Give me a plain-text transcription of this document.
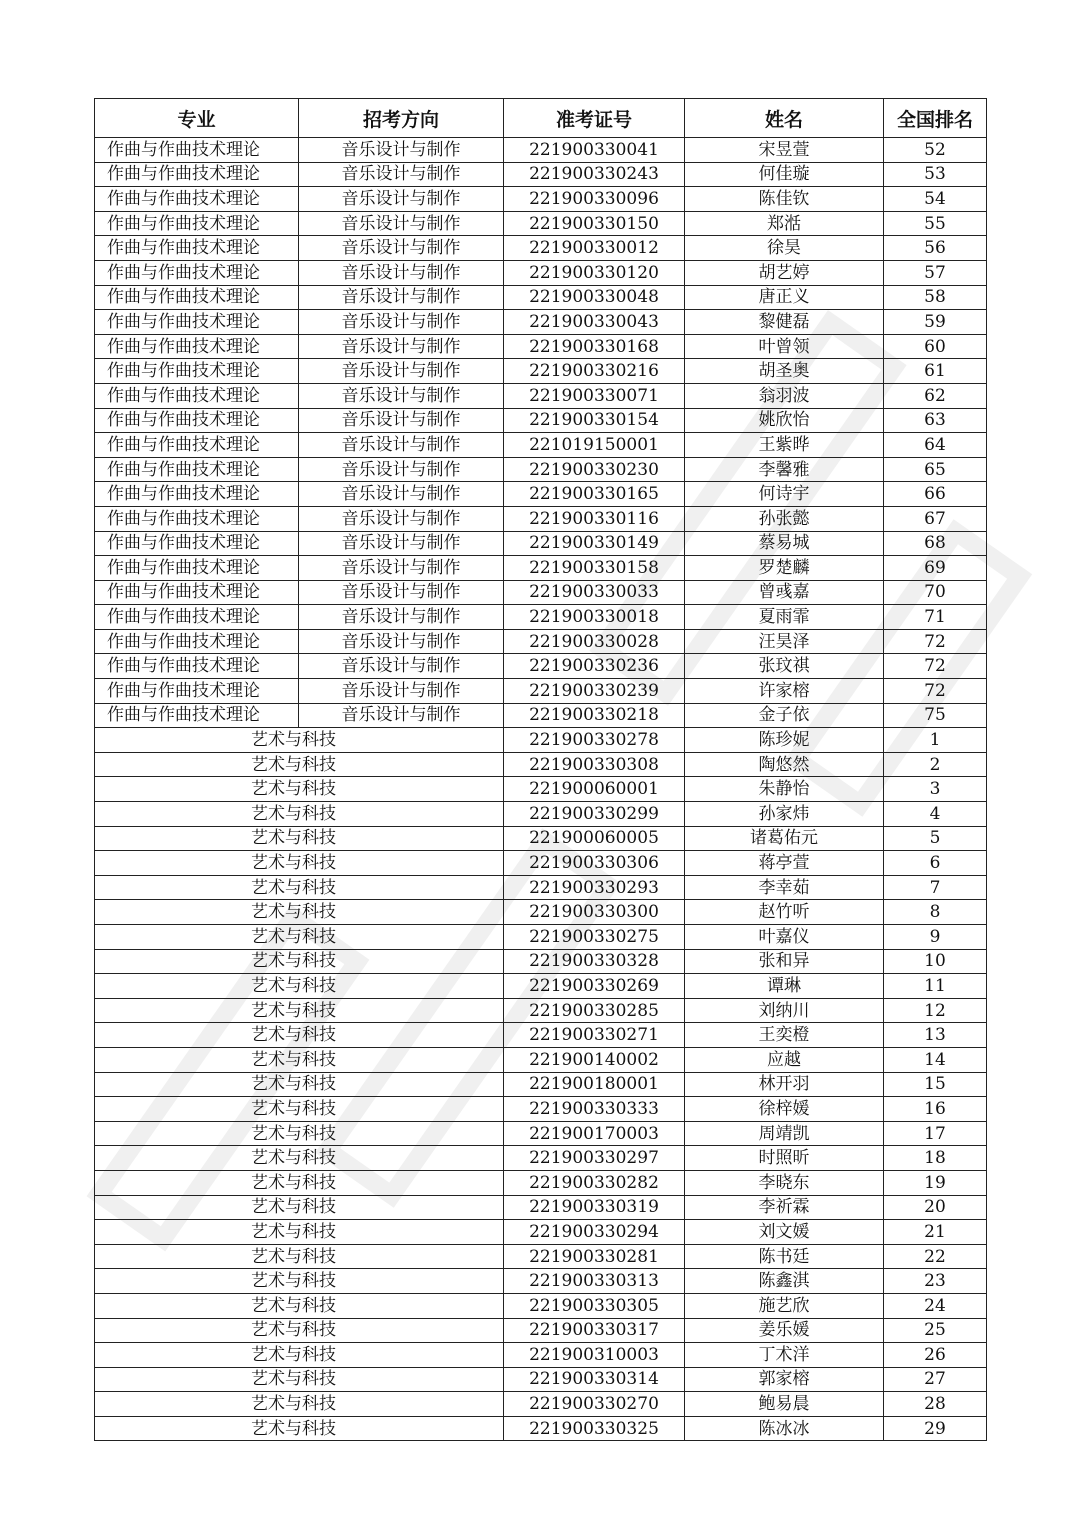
专业	招考方向	准考证号	姓名	全国排名
作曲与作曲技术理论	音乐设计与制作	221900330041	宋昱萱	52
作曲与作曲技术理论	音乐设计与制作	221900330243	何佳璇	53
作曲与作曲技术理论	音乐设计与制作	221900330096	陈佳钦	54
作曲与作曲技术理论	音乐设计与制作	221900330150	郑湉	55
作曲与作曲技术理论	音乐设计与制作	221900330012	徐昊	56
作曲与作曲技术理论	音乐设计与制作	221900330120	胡艺婷	57
作曲与作曲技术理论	音乐设计与制作	221900330048	唐正义	58
作曲与作曲技术理论	音乐设计与制作	221900330043	黎健磊	59
作曲与作曲技术理论	音乐设计与制作	221900330168	叶曾领	60
作曲与作曲技术理论	音乐设计与制作	221900330216	胡圣奥	61
作曲与作曲技术理论	音乐设计与制作	221900330071	翁羽波	62
作曲与作曲技术理论	音乐设计与制作	221900330154	姚欣怡	63
作曲与作曲技术理论	音乐设计与制作	221019150001	王紫晔	64
作曲与作曲技术理论	音乐设计与制作	221900330230	李馨雅	65
作曲与作曲技术理论	音乐设计与制作	221900330165	何诗宇	66
作曲与作曲技术理论	音乐设计与制作	221900330116	孙张懿	67
作曲与作曲技术理论	音乐设计与制作	221900330149	蔡易城	68
作曲与作曲技术理论	音乐设计与制作	221900330158	罗楚麟	69
作曲与作曲技术理论	音乐设计与制作	221900330033	曾彧嘉	70
作曲与作曲技术理论	音乐设计与制作	221900330018	夏雨霏	71
作曲与作曲技术理论	音乐设计与制作	221900330028	汪昊泽	72
作曲与作曲技术理论	音乐设计与制作	221900330236	张玟祺	72
作曲与作曲技术理论	音乐设计与制作	221900330239	许家榕	72
作曲与作曲技术理论	音乐设计与制作	221900330218	金子依	75
艺术与科技		221900330278	陈珍妮	1
艺术与科技		221900330308	陶悠然	2
艺术与科技		221900060001	朱静怡	3
艺术与科技		221900330299	孙家炜	4
艺术与科技		221900060005	诸葛佑元	5
艺术与科技		221900330306	蒋亭萱	6
艺术与科技		221900330293	李幸茹	7
艺术与科技		221900330300	赵竹听	8
艺术与科技		221900330275	叶嘉仪	9
艺术与科技		221900330328	张和异	10
艺术与科技		221900330269	谭琳	11
艺术与科技		221900330285	刘纳川	12
艺术与科技		221900330271	王奕橙	13
艺术与科技		221900140002	应越	14
艺术与科技		221900180001	林开羽	15
艺术与科技		221900330333	徐梓媛	16
艺术与科技		221900170003	周靖凯	17
艺术与科技		221900330297	时照昕	18
艺术与科技		221900330282	李晓东	19
艺术与科技		221900330319	李祈霖	20
艺术与科技		221900330294	刘文媛	21
艺术与科技		221900330281	陈书廷	22
艺术与科技		221900330313	陈鑫淇	23
艺术与科技		221900330305	施艺欣	24
艺术与科技		221900330317	姜乐媛	25
艺术与科技		221900310003	丁术洋	26
艺术与科技		221900330314	郭家榕	27
艺术与科技		221900330270	鲍易晨	28
艺术与科技		221900330325	陈冰冰	29
